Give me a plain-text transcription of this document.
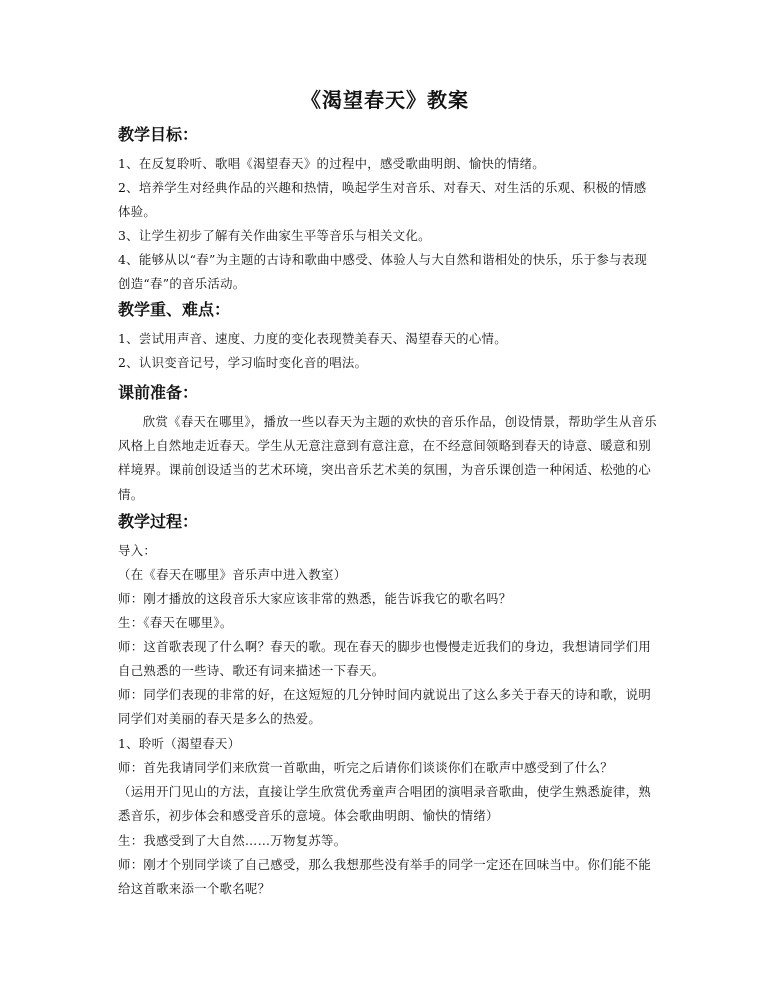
《渴望春天》教案
教学目标：
1、在反复聆听、歌唱《渴望春天》的过程中，感受歌曲明朗、愉快的情绪。
2、培养学生对经典作品的兴趣和热情，唤起学生对音乐、对春天、对生活的乐观、积极的情感体验。
3、让学生初步了解有关作曲家生平等音乐与相关文化。
4、能够从以“春”为主题的古诗和歌曲中感受、体验人与大自然和谐相处的快乐，乐于参与表现创造“春”的音乐活动。
教学重、难点：
1、尝试用声音、速度、力度的变化表现赞美春天、渴望春天的心情。
2、认识变音记号，学习临时变化音的唱法。
课前准备：
欣赏《春天在哪里》，播放一些以春天为主题的欢快的音乐作品，创设情景，帮助学生从音乐风格上自然地走近春天。学生从无意注意到有意注意，在不经意间领略到春天的诗意、暖意和别样境界。课前创设适当的艺术环境，突出音乐艺术美的氛围，为音乐课创造一种闲适、松弛的心情。
教学过程：
导入：
（在《春天在哪里》音乐声中进入教室）
师：刚才播放的这段音乐大家应该非常的熟悉，能告诉我它的歌名吗？
生：《春天在哪里》。
师：这首歌表现了什么啊？春天的歌。现在春天的脚步也慢慢走近我们的身边，我想请同学们用自己熟悉的一些诗、歌还有词来描述一下春天。
师：同学们表现的非常的好，在这短短的几分钟时间内就说出了这么多关于春天的诗和歌，说明同学们对美丽的春天是多么的热爱。
1、聆听（渴望春天）
师：首先我请同学们来欣赏一首歌曲，听完之后请你们谈谈你们在歌声中感受到了什么？
（运用开门见山的方法，直接让学生欣赏优秀童声合唱团的演唱录音歌曲，使学生熟悉旋律，熟悉音乐，初步体会和感受音乐的意境。体会歌曲明朗、愉快的情绪）
生：我感受到了大自然……万物复苏等。
师：刚才个别同学谈了自己感受，那么我想那些没有举手的同学一定还在回味当中。你们能不能给这首歌来添一个歌名呢？
